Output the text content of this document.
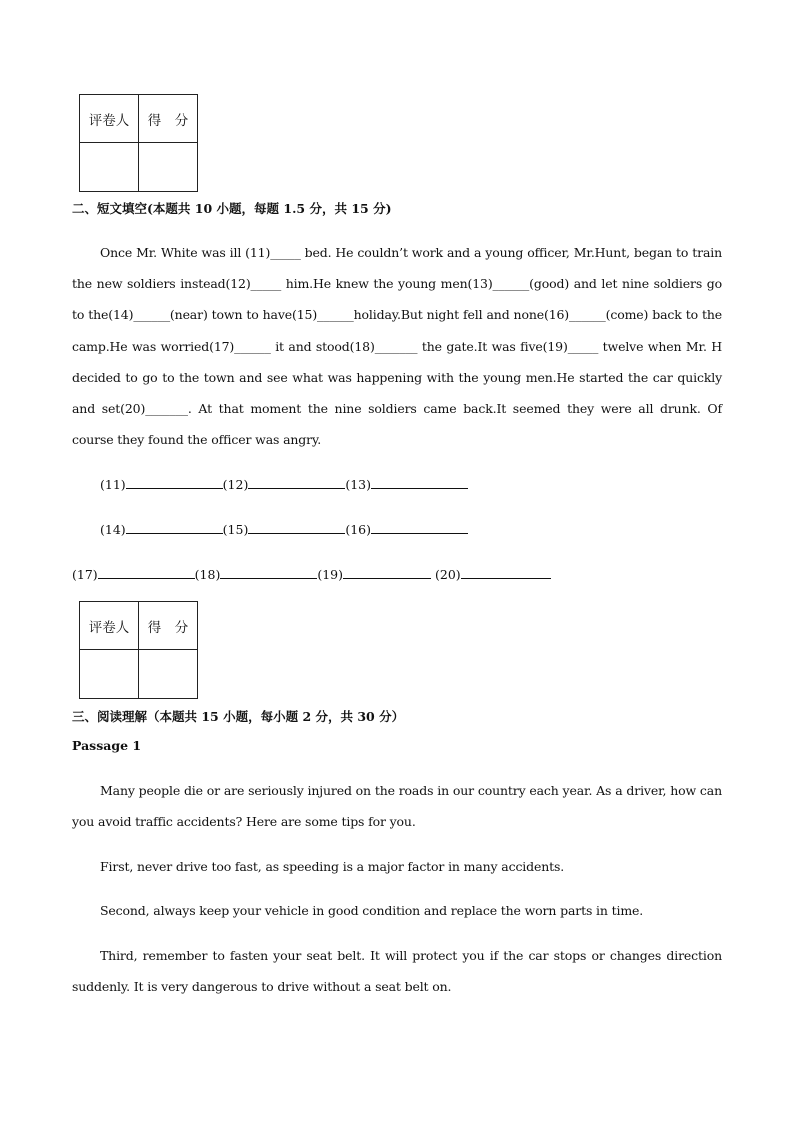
评卷人	得　分

二、短文填空(本题共 10 小题，每题 1.5 分，共 15 分)

Once Mr. White was ill (11)_____ bed. He couldn’t work and a young officer, Mr.Hunt, began to train the new soldiers instead(12)_____ him.He knew the young men(13)______(good) and let nine soldiers go to the(14)______(near) town to have(15)______holiday.But night fell and none(16)______(come) back to the camp.He was worried(17)______ it and stood(18)_______ the gate.It was five(19)_____ twelve when Mr. H decided to go to the town and see what was happening with the young men.He started the car quickly and set(20)_______. At that moment the nine soldiers came back.It seemed they were all drunk. Of course they found the officer was angry.

(11)	(12)	(13)

(14)	(15)	(16)

(17)	(18)	(19)	(20)

评卷人	得　分

三、阅读理解（本题共 15 小题，每小题 2 分，共 30 分）

Passage 1

Many people die or are seriously injured on the roads in our country each year. As a driver, how can you avoid traffic accidents? Here are some tips for you.

First, never drive too fast, as speeding is a major factor in many accidents.

Second, always keep your vehicle in good condition and replace the worn parts in time.

Third, remember to fasten your seat belt. It will protect you if the car stops or changes direction suddenly. It is very dangerous to drive without a seat belt on.
